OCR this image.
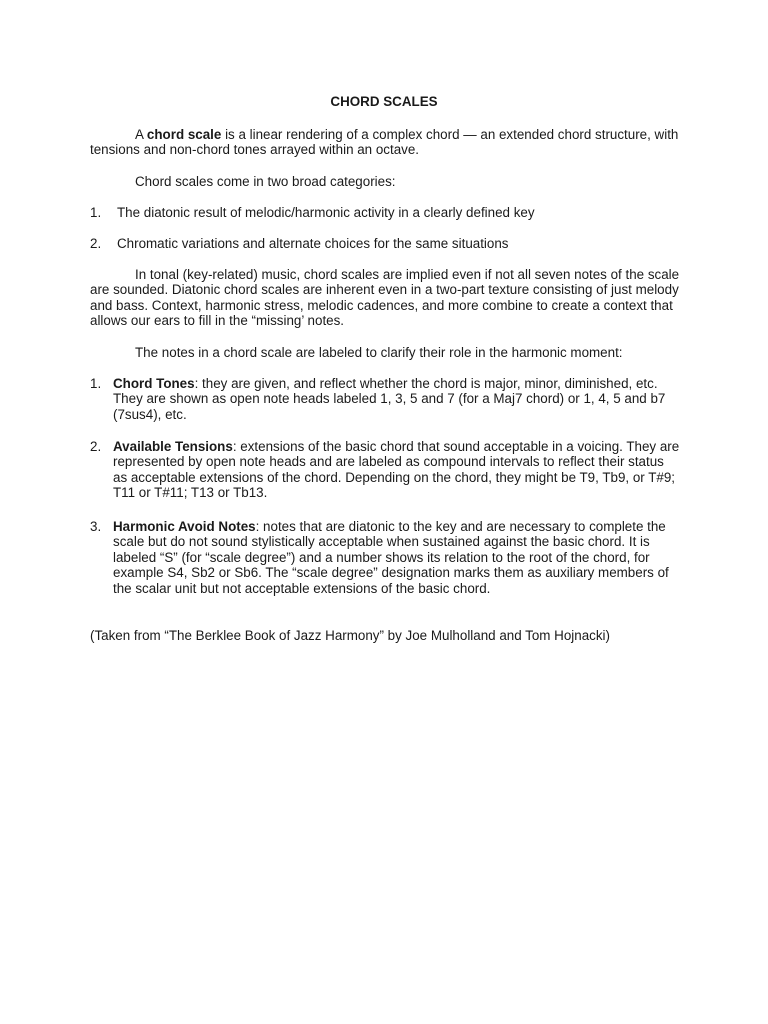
CHORD SCALES

A chord scale is a linear rendering of a complex chord — an extended chord structure, with tensions and non-chord tones arrayed within an octave.

Chord scales come in two broad categories:

1. The diatonic result of melodic/harmonic activity in a clearly defined key
2. Chromatic variations and alternate choices for the same situations

In tonal (key-related) music, chord scales are implied even if not all seven notes of the scale are sounded. Diatonic chord scales are inherent even in a two-part texture consisting of just melody and bass. Context, harmonic stress, melodic cadences, and more combine to create a context that allows our ears to fill in the “missing’ notes.

The notes in a chord scale are labeled to clarify their role in the harmonic moment:

1. Chord Tones: they are given, and reflect whether the chord is major, minor, diminished, etc. They are shown as open note heads labeled 1, 3, 5 and 7 (for a Maj7 chord) or 1, 4, 5 and b7 (7sus4), etc.
2. Available Tensions: extensions of the basic chord that sound acceptable in a voicing. They are represented by open note heads and are labeled as compound intervals to reflect their status as acceptable extensions of the chord. Depending on the chord, they might be T9, Tb9, or T#9; T11 or T#11; T13 or Tb13.
3. Harmonic Avoid Notes: notes that are diatonic to the key and are necessary to complete the scale but do not sound stylistically acceptable when sustained against the basic chord. It is labeled “S” (for “scale degree”) and a number shows its relation to the root of the chord, for example S4, Sb2 or Sb6. The “scale degree” designation marks them as auxiliary members of the scalar unit but not acceptable extensions of the basic chord.

(Taken from “The Berklee Book of Jazz Harmony” by Joe Mulholland and Tom Hojnacki)
